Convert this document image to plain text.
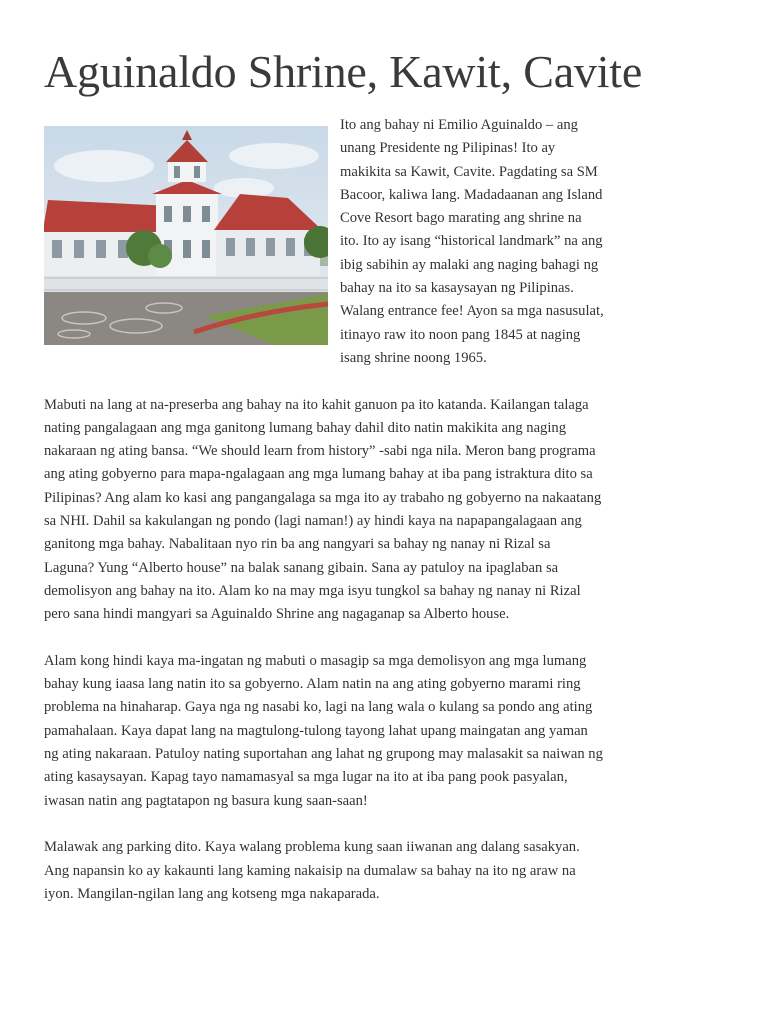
Aguinaldo Shrine, Kawit, Cavite

Ito ang bahay ni Emilio Aguinaldo – ang unang Presidente ng Pilipinas! Ito ay makikita sa Kawit, Cavite. Pagdating sa SM Bacoor, kaliwa lang. Madadaanan ang Island Cove Resort bago marating ang shrine na ito. Ito ay isang “historical landmark” na ang ibig sabihin ay malaki ang naging bahagi ng bahay na ito sa kasaysayan ng Pilipinas. Walang entrance fee! Ayon sa mga nasusulat, itinayo raw ito noon pang 1845 at naging isang shrine noong 1965.

Mabuti na lang at na-preserba ang bahay na ito kahit ganuon pa ito katanda. Kailangan talaga nating pangalagaan ang mga ganitong lumang bahay dahil dito natin makikita ang naging nakaraan ng ating bansa. “We should learn from history” -sabi nga nila. Meron bang programa ang ating gobyerno para mapa-ngalagaan ang mga lumang bahay at iba pang istraktura dito sa Pilipinas? Ang alam ko kasi ang pangangalaga sa mga ito ay trabaho ng gobyerno na nakaatang sa NHI. Dahil sa kakulangan ng pondo (lagi naman!) ay hindi kaya na napapangalagaan ang ganitong mga bahay. Nabalitaan nyo rin ba ang nangyari sa bahay ng nanay ni Rizal sa Laguna? Yung “Alberto house” na balak sanang gibain. Sana ay patuloy na ipaglaban sa demolisyon ang bahay na ito. Alam ko na may mga isyu tungkol sa bahay ng nanay ni Rizal pero sana hindi mangyari sa Aguinaldo Shrine ang nagaganap sa Alberto house.

Alam kong hindi kaya ma-ingatan ng mabuti o masagip sa mga demolisyon ang mga lumang bahay kung iaasa lang natin ito sa gobyerno. Alam natin na ang ating gobyerno marami ring problema na hinaharap. Gaya nga ng nasabi ko, lagi na lang wala o kulang sa pondo ang ating pamahalaan. Kaya dapat lang na magtulong-tulong tayong lahat upang maingatan ang yaman ng ating nakaraan. Patuloy nating suportahan ang lahat ng grupong may malasakit sa naiwan ng ating kasaysayan. Kapag tayo namamasyal sa mga lugar na ito at iba pang pook pasyalan, iwasan natin ang pagtatapon ng basura kung saan-saan!

Malawak ang parking dito. Kaya walang problema kung saan iiwanan ang dalang sasakyan. Ang napansin ko ay kakaunti lang kaming nakaisip na dumalaw sa bahay na ito ng araw na iyon. Mangilan-ngilan lang ang kotseng mga nakaparada.
